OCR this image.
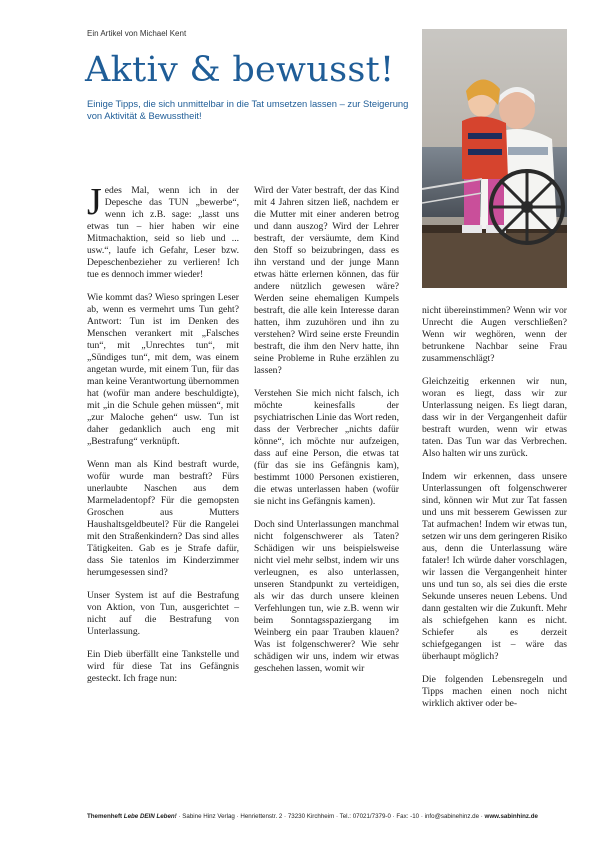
Ein Artikel von Michael Kent
Aktiv & bewusst!

Einige Tipps, die sich unmittelbar in die Tat umsetzen lassen – zur Steigerung von Aktivität & Bewusstheit!

Jedes Mal, wenn ich in der Depesche das TUN „bewerbe“, wenn ich z.B. sage: „lasst uns etwas tun – hier haben wir eine Mitmachaktion, seid so lieb und ... usw.“, laufe ich Gefahr, Leser bzw. Depeschenbezieher zu verlieren! Ich tue es dennoch immer wieder!

Wie kommt das? Wieso springen Leser ab, wenn es vermehrt ums Tun geht? Antwort: Tun ist im Denken des Menschen verankert mit „Falsches tun“, mit „Unrechtes tun“, mit „Sündiges tun“, mit dem, was einem angetan wurde, mit einem Tun, für das man keine Verantwortung übernommen hat (wofür man andere beschuldigte), mit „in die Schule gehen müssen“, mit „zur Maloche gehen“ usw. Tun ist daher gedanklich auch eng mit „Bestrafung“ verknüpft.

Wenn man als Kind bestraft wurde, wofür wurde man bestraft? Fürs unerlaubte Naschen aus dem Marmeladentopf? Für die gemopsten Groschen aus Mutters Haushaltsgeldbeutel? Für die Rangelei mit den Straßenkindern? Das sind alles Tätigkeiten. Gab es je Strafe dafür, dass Sie tatenlos im Kinderzimmer herumgesessen sind?

Unser System ist auf die Bestrafung von Aktion, von Tun, ausgerichtet – nicht auf die Bestrafung von Unterlassung.

Ein Dieb überfällt eine Tankstelle und wird für diese Tat ins Gefängnis gesteckt. Ich frage nun:

Wird der Vater bestraft, der das Kind mit 4 Jahren sitzen ließ, nachdem er die Mutter mit einer anderen betrog und dann auszog? Wird der Lehrer bestraft, der versäumte, dem Kind den Stoff so beizubringen, dass es ihn verstand und der junge Mann etwas hätte erlernen können, das für andere nützlich gewesen wäre? Werden seine ehemaligen Kumpels bestraft, die alle kein Interesse daran hatten, ihm zuzuhören und ihn zu verstehen? Wird seine erste Freundin bestraft, die ihm den Nerv hatte, ihn seine Probleme in Ruhe erzählen zu lassen?

Verstehen Sie mich nicht falsch, ich möchte keinesfalls der psychiatrischen Linie das Wort reden, dass der Verbrecher „nichts dafür könne“, ich möchte nur aufzeigen, dass auf eine Person, die etwas tat (für das sie ins Gefängnis kam), bestimmt 1000 Personen existieren, die etwas unterlassen haben (wofür sie nicht ins Gefängnis kamen).

Doch sind Unterlassungen manchmal nicht folgenschwerer als Taten? Schädigen wir uns beispielsweise nicht viel mehr selbst, indem wir uns verleugnen, es also unterlassen, unseren Standpunkt zu verteidigen, als wir das durch unsere kleinen Verfehlungen tun, wie z.B. wenn wir beim Sonntagsspaziergang im Weinberg ein paar Trauben klauen? Was ist folgenschwerer? Wie sehr schädigen wir uns, indem wir etwas geschehen lassen, womit wir

nicht übereinstimmen? Wenn wir vor Unrecht die Augen verschließen? Wenn wir weghören, wenn der betrunkene Nachbar seine Frau zusammenschlägt?

Gleichzeitig erkennen wir nun, woran es liegt, dass wir zur Unterlassung neigen. Es liegt daran, dass wir in der Vergangenheit dafür bestraft wurden, wenn wir etwas taten. Das Tun war das Verbrechen. Also halten wir uns zurück.

Indem wir erkennen, dass unsere Unterlassungen oft folgenschwerer sind, können wir Mut zur Tat fassen und uns mit besserem Gewissen zur Tat aufmachen! Indem wir etwas tun, setzen wir uns dem geringeren Risiko aus, denn die Unterlassung wäre fataler! Ich würde daher vorschlagen, wir lassen die Vergangenheit hinter uns und tun so, als sei dies die erste Sekunde unseres neuen Lebens. Und dann gestalten wir die Zukunft. Mehr als schiefgehen kann es nicht. Schiefer als es derzeit schiefgegangen ist – wäre das überhaupt möglich?

Die folgenden Lebensregeln und Tipps machen einen noch nicht wirklich aktiver oder be-

Themenheft Lebe DEIN Leben! · Sabine Hinz Verlag · Henriettenstr. 2 · 73230 Kirchheim · Tel.: 07021/7379-0 · Fax: -10 · info@sabinehinz.de · www.sabinhinz.de
